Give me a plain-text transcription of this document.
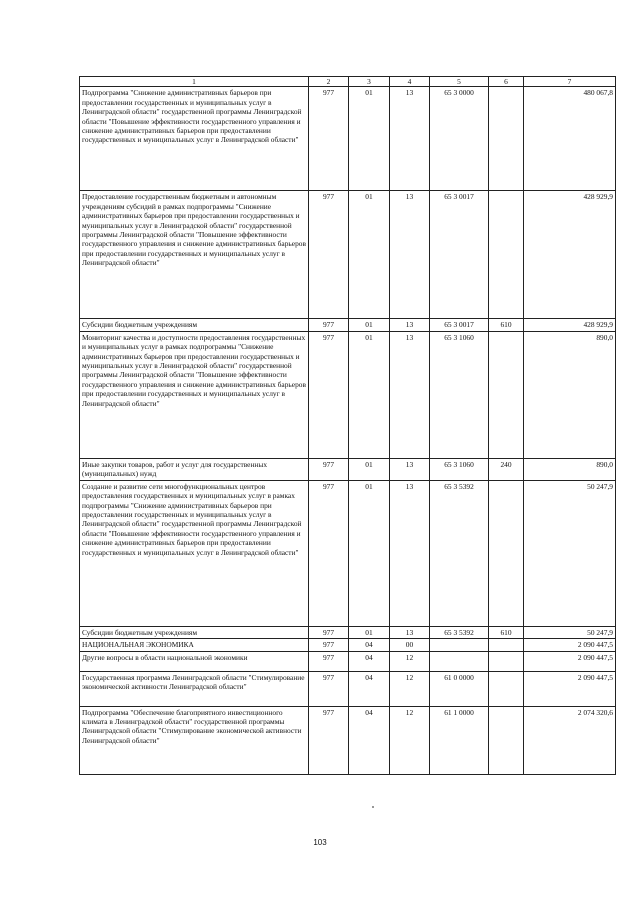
1	2	3	4	5	6	7
Подпрограмма "Снижение административных барьеров при предоставлении государственных и муниципальных услуг в Ленинградской области" государственной программы Ленинградской области "Повышение эффективности государственного управления и снижение административных барьеров при предоставлении государственных и муниципальных услуг в Ленинградской области"	977	01	13	65 3 0000		480 067,8
Предоставление государственным бюджетным и автономным учреждениям субсидий в рамках подпрограммы "Снижение административных барьеров при предоставлении государственных и муниципальных услуг в Ленинградской области" государственной программы Ленинградской области "Повышение эффективности государственного управления и снижение административных барьеров при предоставлении государственных и муниципальных услуг в Ленинградской области"	977	01	13	65 3 0017		428 929,9
Субсидии бюджетным учреждениям	977	01	13	65 3 0017	610	428 929,9
Мониторинг качества и доступности предоставления государственных и муниципальных услуг в рамках подпрограммы "Снижение административных барьеров при предоставлении государственных и муниципальных услуг в Ленинградской области" государственной программы Ленинградской области "Повышение эффективности государственного управления и снижение административных барьеров при предоставлении государственных и муниципальных услуг в Ленинградской области"	977	01	13	65 3 1060		890,0
Иные закупки товаров, работ и услуг для государственных (муниципальных) нужд	977	01	13	65 3 1060	240	890,0
Создание и развитие сети многофункциональных центров предоставления государственных и муниципальных услуг в рамках подпрограммы "Снижение административных барьеров при предоставлении государственных и муниципальных услуг в Ленинградской области" государственной программы Ленинградской области "Повышение эффективности государственного управления и снижение административных барьеров при предоставлении государственных и муниципальных услуг в Ленинградской области"	977	01	13	65 3 5392		50 247,9
Субсидии бюджетным учреждениям	977	01	13	65 3 5392	610	50 247,9
НАЦИОНАЛЬНАЯ ЭКОНОМИКА	977	04	00			2 090 447,5
Другие вопросы в области национальной экономики	977	04	12			2 090 447,5
Государственная программа Ленинградской области "Стимулирование экономической активности Ленинградской области"	977	04	12	61 0 0000		2 090 447,5
Подпрограмма "Обеспечение благоприятного инвестиционного климата в Ленинградской области" государственной программы Ленинградской области "Стимулирование экономической активности Ленинградской области"	977	04	12	61 1 0000		2 074 320,6
103
